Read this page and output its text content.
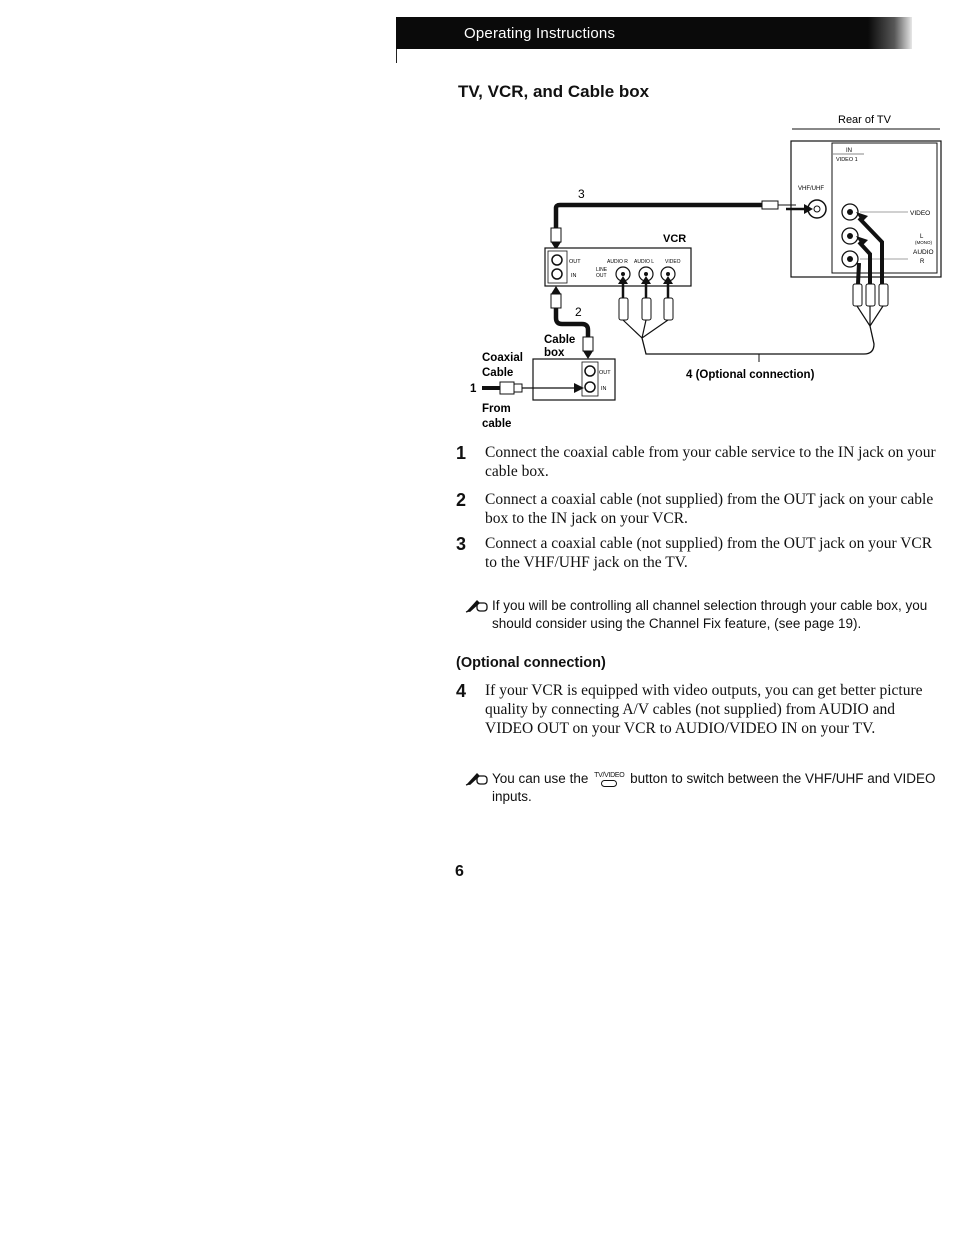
Operating Instructions
TV, VCR, and Cable box
Rear of TV
IN
VIDEO 1
VHF/UHF
VIDEO
L
(MONO)
AUDIO
R
3
VCR
OUT
IN
AUDIO R AUDIO L VIDEO
LINE
OUT
4 (Optional connection)
2
Cable
box
OUT
IN
Coaxial
Cable
1
From
cable
1 Connect the coaxial cable from your cable service to the IN jack on your cable box.
2 Connect a coaxial cable (not supplied) from the OUT jack on your cable box to the IN jack on your VCR.
3 Connect a coaxial cable (not supplied) from the OUT jack on your VCR to the VHF/UHF jack on the TV.
If you will be controlling all channel selection through your cable box, you should consider using the Channel Fix feature, (see page 19).
(Optional connection)
4 If your VCR is equipped with video outputs, you can get better picture quality by connecting A/V cables (not supplied) from AUDIO and VIDEO OUT on your VCR to AUDIO/VIDEO IN on your TV.
You can use the TV/VIDEO button to switch between the VHF/UHF and VIDEO inputs.
6
